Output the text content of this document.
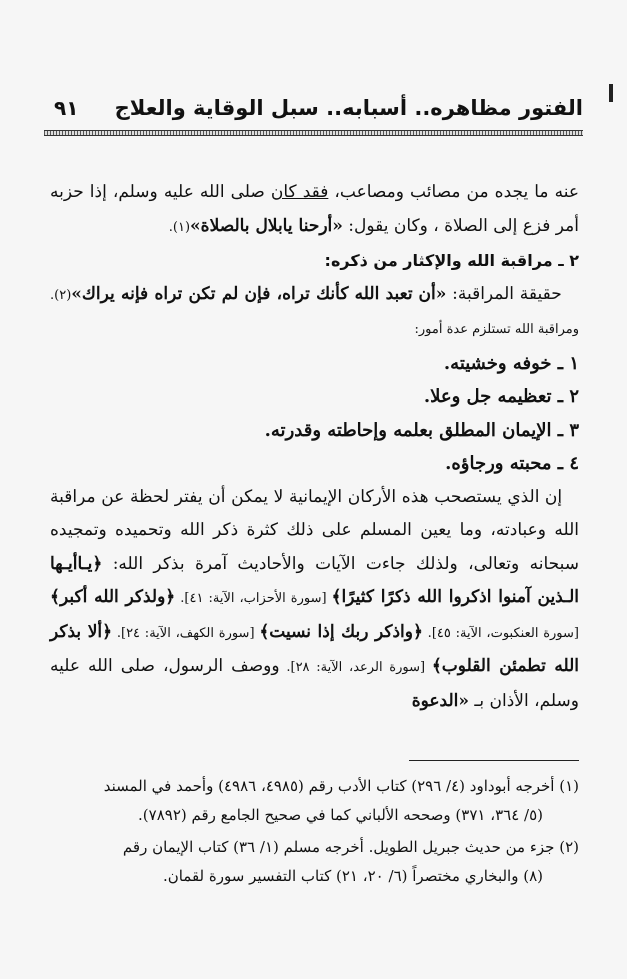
الفتور مظاهره.. أسبابه.. سبل الوقاية والعلاج
٩١

عنه ما يجده من مصائب ومصاعب، فقد كان صلى الله عليه وسلم، إذا حزبه أمر فزع إلى الصلاة ، وكان يقول: «أرحنا يابلال بالصلاة»(١).

٢ ـ مراقبة الله والإكثار من ذكره:

حقيقة المراقبة: «أن تعبد الله كأنك تراه، فإن لم تكن تراه فإنه يراك»(٢). ومراقبة الله تستلزم عدة أمور:

١ ـ خوفه وخشيته.

٢ ـ تعظيمه جل وعلا.

٣ ـ الإيمان المطلق بعلمه وإحاطته وقدرته.

٤ ـ محبته ورجاؤه.

إن الذي يستصحب هذه الأركان الإيمانية لا يمكن أن يفتر لحظة عن مراقبة الله وعبادته، وما يعين المسلم على ذلك كثرة ذكر الله وتحميده وتمجيده سبحانه وتعالى، ولذلك جاءت الآيات والأحاديث آمرة بذكر الله: ﴿يـاأيـها الـذين آمنوا اذكروا الله ذكرًا كثيرًا﴾ [سورة الأحزاب، الآية: ٤١]. ﴿ولذكر الله أكبر﴾ [سورة العنكبوت، الآية: ٤٥]. ﴿واذكر ربك إذا نسيت﴾ [سورة الكهف، الآية: ٢٤]. ﴿ألا بذكر الله تطمئن القلوب﴾ [سورة الرعد، الآية: ٢٨]. ووصف الرسول، صلى الله عليه وسلم، الأذان بـ «الدعوة

(١) أخرجه أبوداود (٤/ ٢٩٦) كتاب الأدب رقم (٤٩٨٥، ٤٩٨٦) وأحمد في المسند
(٥/ ٣٦٤، ٣٧١) وصححه الألباني كما في صحيح الجامع رقم (٧٨٩٢).

(٢) جزء من حديث جبريل الطويل. أخرجه مسلم (١/ ٣٦) كتاب الإيمان رقم
(٨) والبخاري مختصراً (٦/ ٢٠، ٢١) كتاب التفسير سورة لقمان.
